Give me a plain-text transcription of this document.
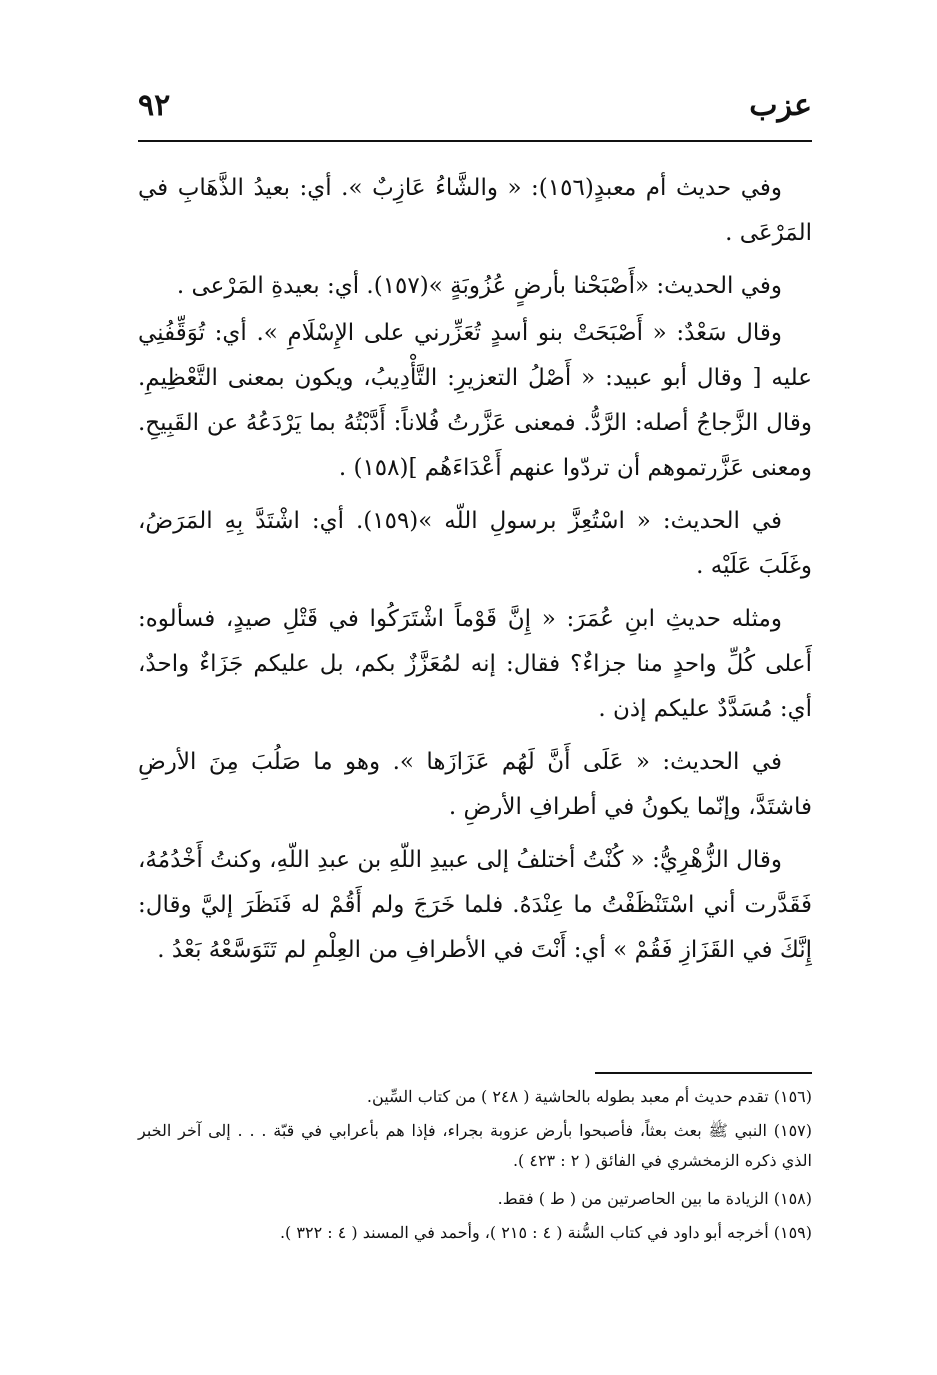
عزب
٩٢

وفي حديث أم معبدٍ(١٥٦): « والشَّاءُ عَازِبٌ ». أي: بعيدُ الذَّهَابِ في المَرْعَى .

وفي الحديث: «أَصْبَحْنا بأرضٍ عُزُوبَةٍ »(١٥٧). أي: بعيدةِ المَرْعى .

وقال سَعْدٌ: « أَصْبَحَتْ بنو أسدٍ تُعَزِّرني على الإِسْلَامِ ». أي: تُوَقِّفُنِي عليه [ وقال أبو عبيد: « أَصْلُ التعزيرِ: التَّأْدِيبُ، ويكون بمعنى التَّعْظِيمِ. وقال الزَّجاجُ أصله: الرَّدُّ. فمعنى عَزَّرتُ فُلاناً: أَدَّبْتُهُ بما يَرْدَعُهُ عن القَبِيحِ. ومعنى عَزَّرتموهم أن تردّوا عنهم أَعْدَاءَهُم ](١٥٨) .

في الحديث: « اسْتُعِزَّ برسولِ اللّه »(١٥٩). أي: اشْتَدَّ بِهِ المَرَضُ، وغَلَبَ عَلَيْه .

ومثله حديثِ ابنِ عُمَرَ: « إِنَّ قَوْماً اشْتَرَكُوا في قَتْلِ صيدٍ، فسألوه: أَعلى كُلِّ واحدٍ منا جزاءٌ؟ فقال: إنه لمُعَزَّزٌ بكم، بل عليكم جَزَاءٌ واحدٌ، أي: مُسَدَّدٌ عليكم إذن .

في الحديث: « عَلَى أَنَّ لَهُم عَزَازَها ». وهو ما صَلُبَ مِنَ الأرضِ فاشتَدَّ، وإنّما يكونُ في أطرافِ الأرضِ .

وقال الزُّهْرِيُّ: « كُنْتُ أختلفُ إلى عبيدِ اللّهِ بن عبدِ اللّهِ، وكنتُ أَخْدُمُهُ، فَقَدَّرت أني اسْتَنْظَفْتُ ما عِنْدَهُ. فلما خَرَجَ ولم أَقُمْ له فَنَظَرَ إليَّ وقال: إِنَّكَ في القَزَازِ فَقُمْ » أي: أَنْتَ في الأطرافِ من العِلْمِ لم تَتَوَسَّعْهُ بَعْدُ .

(١٥٦) تقدم حديث أم معبد بطوله بالحاشية ( ٢٤٨ ) من كتاب السِّين.

(١٥٧) النبي ﷺ بعث بعثاً، فأصبحوا بأرض عزوبة بجراء، فإذا هم بأعرابي في قبّة . . . إلى آخر الخبر الذي ذكره الزمخشري في الفائق ( ٢ : ٤٢٣ ).

(١٥٨) الزيادة ما بين الحاصرتين من ( ط ) فقط.

(١٥٩) أخرجه أبو داود في كتاب السُّنة ( ٤ : ٢١٥ )، وأحمد في المسند ( ٤ : ٣٢٢ ).
